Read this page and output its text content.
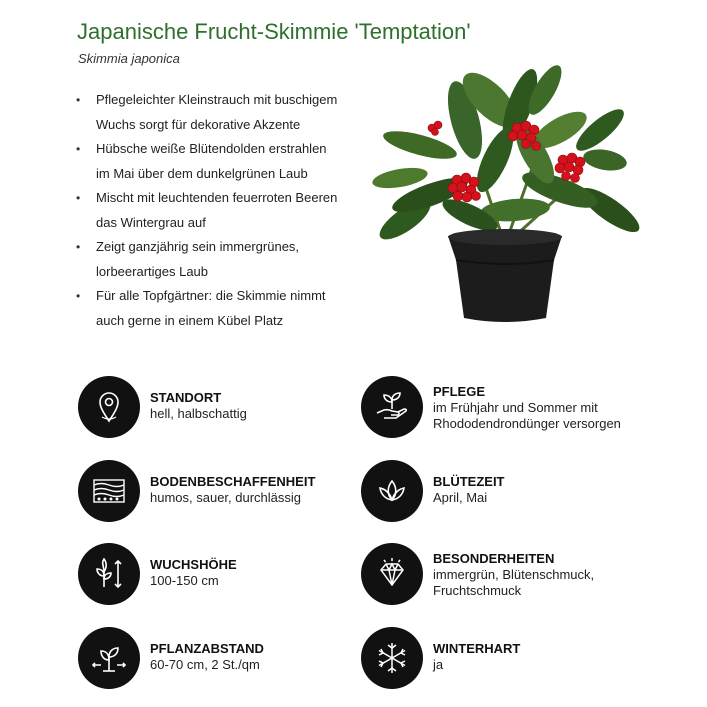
Japanische Frucht-Skimmie 'Temptation'

Skimmia japonica

• Pflegeleichter Kleinstrauch mit buschigem
Wuchs sorgt für dekorative Akzente
• Hübsche weiße Blütendolden erstrahlen
im Mai über dem dunkelgrünen Laub
• Mischt mit leuchtenden feuerroten Beeren
das Wintergrau auf
• Zeigt ganzjährig sein immergrünes,
lorbeerartiges Laub
• Für alle Topfgärtner: die Skimmie nimmt
auch gerne in einem Kübel Platz
STANDORT
hell, halbschattig
PFLEGE
im Frühjahr und Sommer mit
Rhododendrondünger versorgen
BODENBESCHAFFENHEIT
humos, sauer, durchlässig
BLÜTEZEIT
April, Mai
WUCHSHÖHE
100-150 cm
BESONDERHEITEN
immergrün, Blütenschmuck,
Fruchtschmuck
PFLANZABSTAND
60-70 cm, 2 St./qm
WINTERHART
ja
